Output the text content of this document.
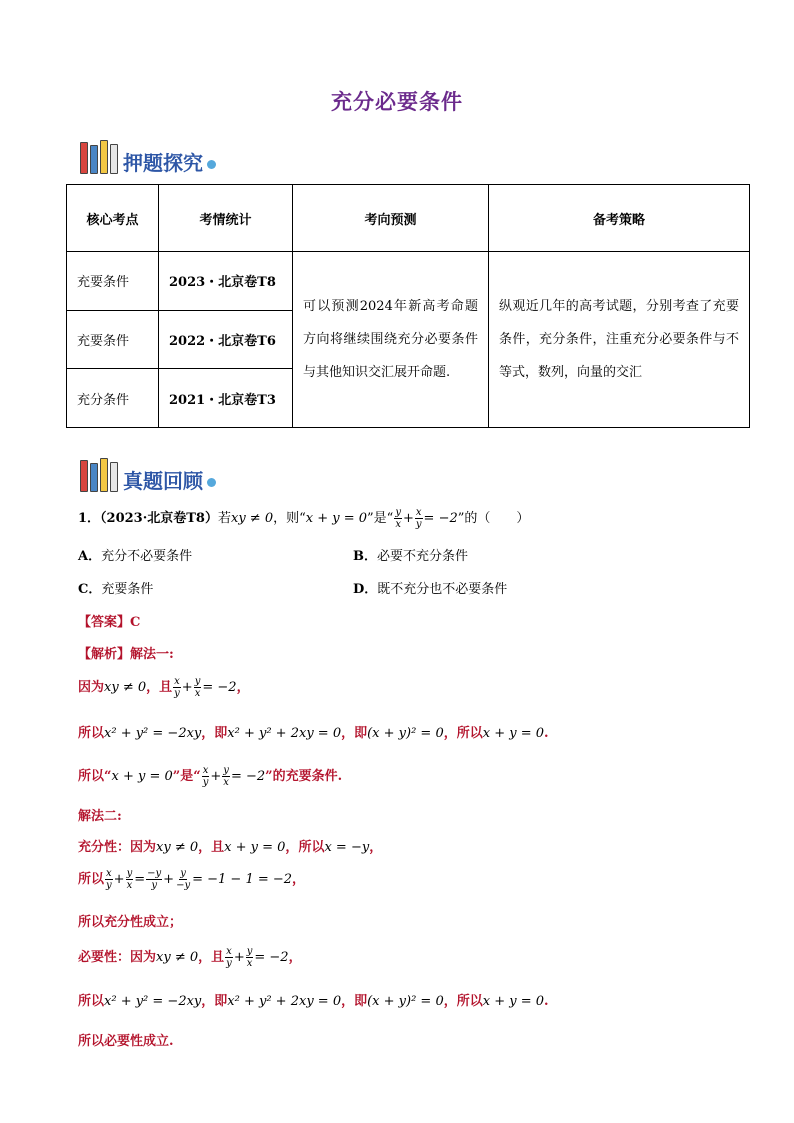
充分必要条件
押题探究
核心考点	考情统计	考向预测	备考策略
充要条件	2023・北京卷T8	可以预测2024年新高考命题方向将继续围绕充分必要条件与其他知识交汇展开命题.	纵观近几年的高考试题，分别考查了充要条件，充分条件，注重充分必要条件与不等式，数列，向量的交汇
充要条件	2022・北京卷T6		
充分条件	2021・北京卷T3		
真题回顾
1．（2023·北京卷T8）若xy ≠ 0，则“x + y = 0”是“ $\frac{y}{x} + \frac{x}{y} = -2$”的（　　）
A．充分不必要条件	B．必要不充分条件
C．充要条件	D．既不充分也不必要条件
【答案】C
【解析】解法一:
因为xy ≠ 0，且 $\frac{x}{y} + \frac{y}{x} = -2$，
所以x² + y² = −2xy，即x² + y² + 2xy = 0，即(x + y)² = 0，所以x + y = 0.
所以“x + y = 0”是“ $\frac{x}{y} + \frac{y}{x} = -2$”的充要条件.
解法二:
充分性：因为xy ≠ 0，且x + y = 0，所以x = −y，
所以 $\frac{x}{y} + \frac{y}{x} = \frac{-y}{y} + \frac{y}{-y} = -1 - 1 = -2$，
所以充分性成立；
必要性：因为xy ≠ 0，且 $\frac{x}{y} + \frac{y}{x} = -2$，
所以x² + y² = −2xy，即x² + y² + 2xy = 0，即(x + y)² = 0，所以x + y = 0.
所以必要性成立.
